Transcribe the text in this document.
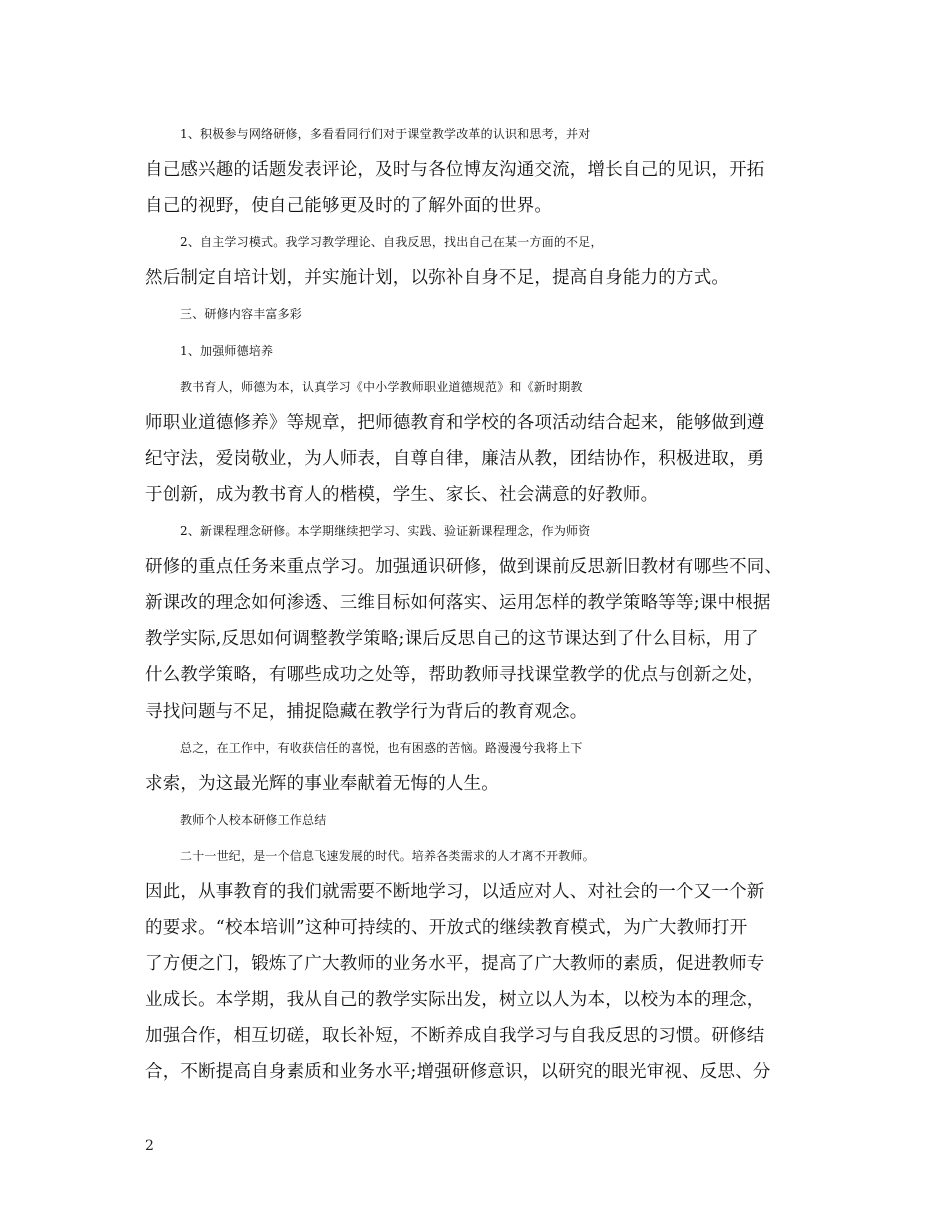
1、积极参与网络研修，多看看同行们对于课堂教学改革的认识和思考，并对
自己感兴趣的话题发表评论，及时与各位博友沟通交流，增长自己的见识，开拓
自己的视野，使自己能够更及时的了解外面的世界。
2、自主学习模式。我学习教学理论、自我反思，找出自己在某一方面的不足，
然后制定自培计划，并实施计划，以弥补自身不足，提高自身能力的方式。
三、研修内容丰富多彩
1、加强师德培养
教书育人，师德为本，认真学习《中小学教师职业道德规范》和《新时期教
师职业道德修养》等规章，把师德教育和学校的各项活动结合起来，能够做到遵
纪守法，爱岗敬业，为人师表，自尊自律，廉洁从教，团结协作，积极进取，勇
于创新，成为教书育人的楷模，学生、家长、社会满意的好教师。
2、新课程理念研修。本学期继续把学习、实践、验证新课程理念，作为师资
研修的重点任务来重点学习。加强通识研修，做到课前反思新旧教材有哪些不同、
新课改的理念如何渗透、三维目标如何落实、运用怎样的教学策略等等;课中根据
教学实际,反思如何调整教学策略;课后反思自己的这节课达到了什么目标，用了
什么教学策略，有哪些成功之处等，帮助教师寻找课堂教学的优点与创新之处，
寻找问题与不足，捕捉隐藏在教学行为背后的教育观念。
总之，在工作中，有收获信任的喜悦，也有困惑的苦恼。路漫漫兮我将上下
求索，为这最光辉的事业奉献着无悔的人生。
教师个人校本研修工作总结
二十一世纪，是一个信息飞速发展的时代。培养各类需求的人才离不开教师。
因此，从事教育的我们就需要不断地学习，以适应对人、对社会的一个又一个新
的要求。“校本培训”这种可持续的、开放式的继续教育模式，为广大教师打开
了方便之门，锻炼了广大教师的业务水平，提高了广大教师的素质，促进教师专
业成长。本学期，我从自己的教学实际出发，树立以人为本，以校为本的理念，
加强合作，相互切磋，取长补短，不断养成自我学习与自我反思的习惯。研修结
合，不断提高自身素质和业务水平;增强研修意识，以研究的眼光审视、反思、分
2
